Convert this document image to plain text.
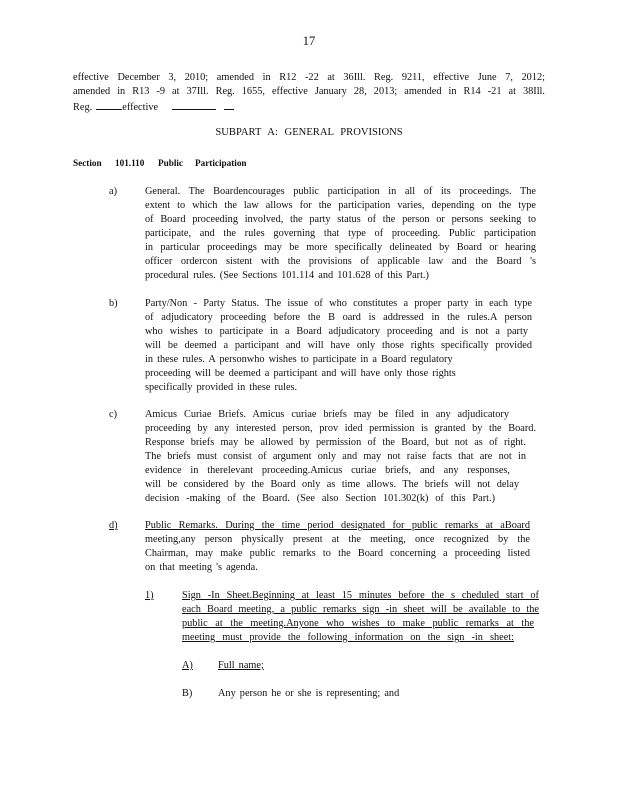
17
effective December 3, 2010; amended in R12 -22 at 36Ill. Reg. 9211, effective June 7, 2012;
amended in R13 -9 at 37Ill. Reg. 1655, effective January 28, 2013; amended in R14 -21 at 38Ill.
Reg.	effective
SUBPART A: GENERAL PROVISIONS
Section 101.110 Public Participation
a)	General. The Boardencourages public participation in all of its proceedings. The
extent to which the law allows for the participation varies, depending on the type
of Board proceeding involved, the party status of the person or persons seeking to
participate, and the rules governing that type of proceeding. Public participation
in particular proceedings may be more specifically delineated by Board or hearing
officer ordercon sistent with the provisions of applicable law and the Board 's
procedural rules. (See Sections 101.114 and 101.628 of this Part.)
b)	Party/Non - Party Status. The issue of who constitutes a proper party in each type
of adjudicatory proceeding before the B oard is addressed in the rules.A person
who wishes to participate in a Board adjudicatory proceeding and is not a party
will be deemed a participant and will have only those rights specifically provided
in these rules. A personwho wishes to participate in a Board regulatory
proceeding will be deemed a participant and will have only those rights
specifically provided in these rules.
c)	Amicus Curiae Briefs. Amicus curiae briefs may be filed in any adjudicatory
proceeding by any interested person, prov ided permission is granted by the Board.
Response briefs may be allowed by permission of the Board, but not as of right.
The briefs must consist of argument only and may not raise facts that are not in
evidence in therelevant proceeding.Amicus curiae briefs, and any responses,
will be considered by the Board only as time allows. The briefs will not delay
decision -making of the Board. (See also Section 101.302(k) of this Part.)
d)	Public Remarks. During the time period designated for public remarks at aBoard
meeting,any person physically present at the meeting, once recognized by the
Chairman, may make public remarks to the Board concerning a proceeding listed
on that meeting 's agenda.
1)	Sign -In Sheet.Beginning at least 15 minutes before the s cheduled start of
each Board meeting, a public remarks sign -in sheet will be available to the
public at the meeting.Anyone who wishes to make public remarks at the
meeting must provide the following information on the sign -in sheet:
A) Full name;
B) Any person he or she is representing; and
